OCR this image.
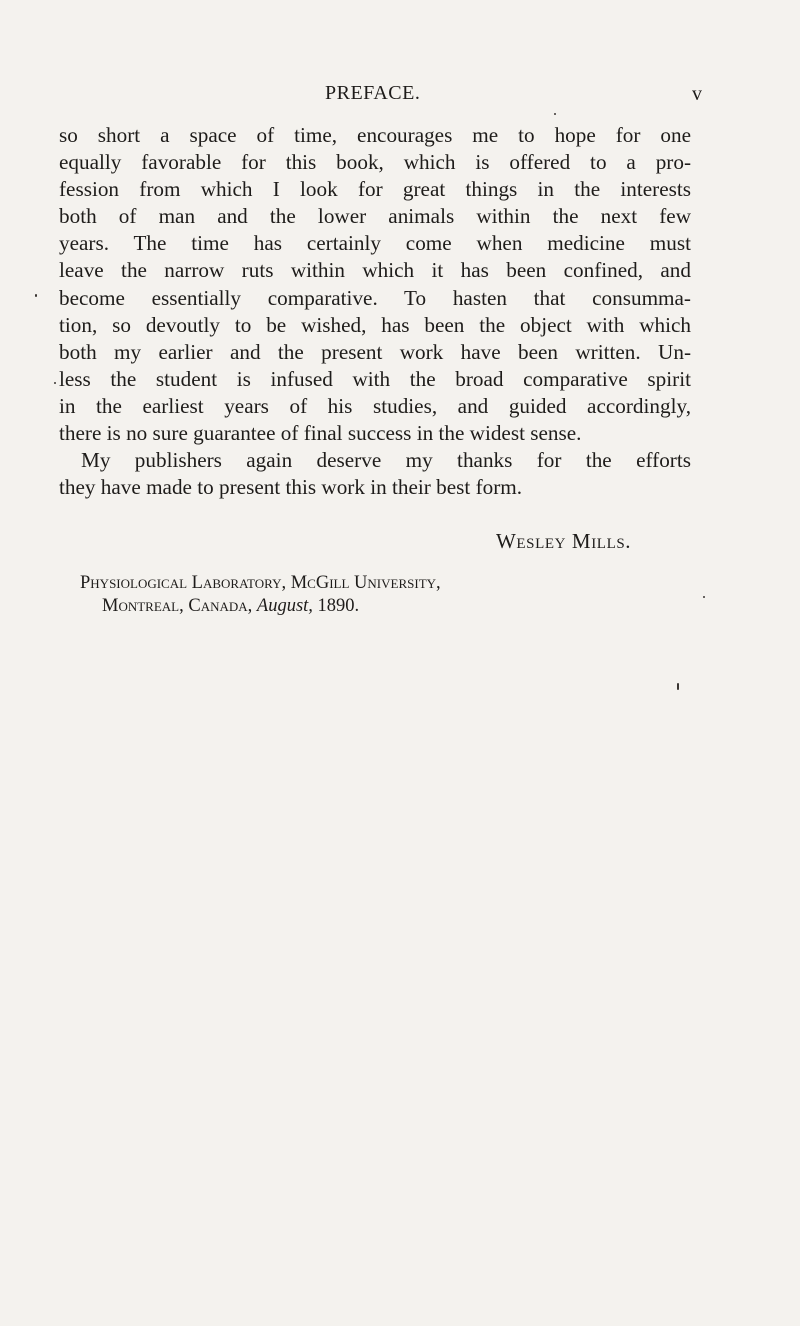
PREFACE.	v
so short a space of time, encourages me to hope for one
equally favorable for this book, which is offered to a pro-
fession from which I look for great things in the interests
both of man and the lower animals within the next few
years. The time has certainly come when medicine must
leave the narrow ruts within which it has been confined, and
become essentially comparative. To hasten that consumma-
tion, so devoutly to be wished, has been the object with which
both my earlier and the present work have been written. Un-
less the student is infused with the broad comparative spirit
in the earliest years of his studies, and guided accordingly,
there is no sure guarantee of final success in the widest sense.
My publishers again deserve my thanks for the efforts
they have made to present this work in their best form.
Wesley Mills.
Physiological Laboratory, McGill University,
Montreal, Canada, August, 1890.
